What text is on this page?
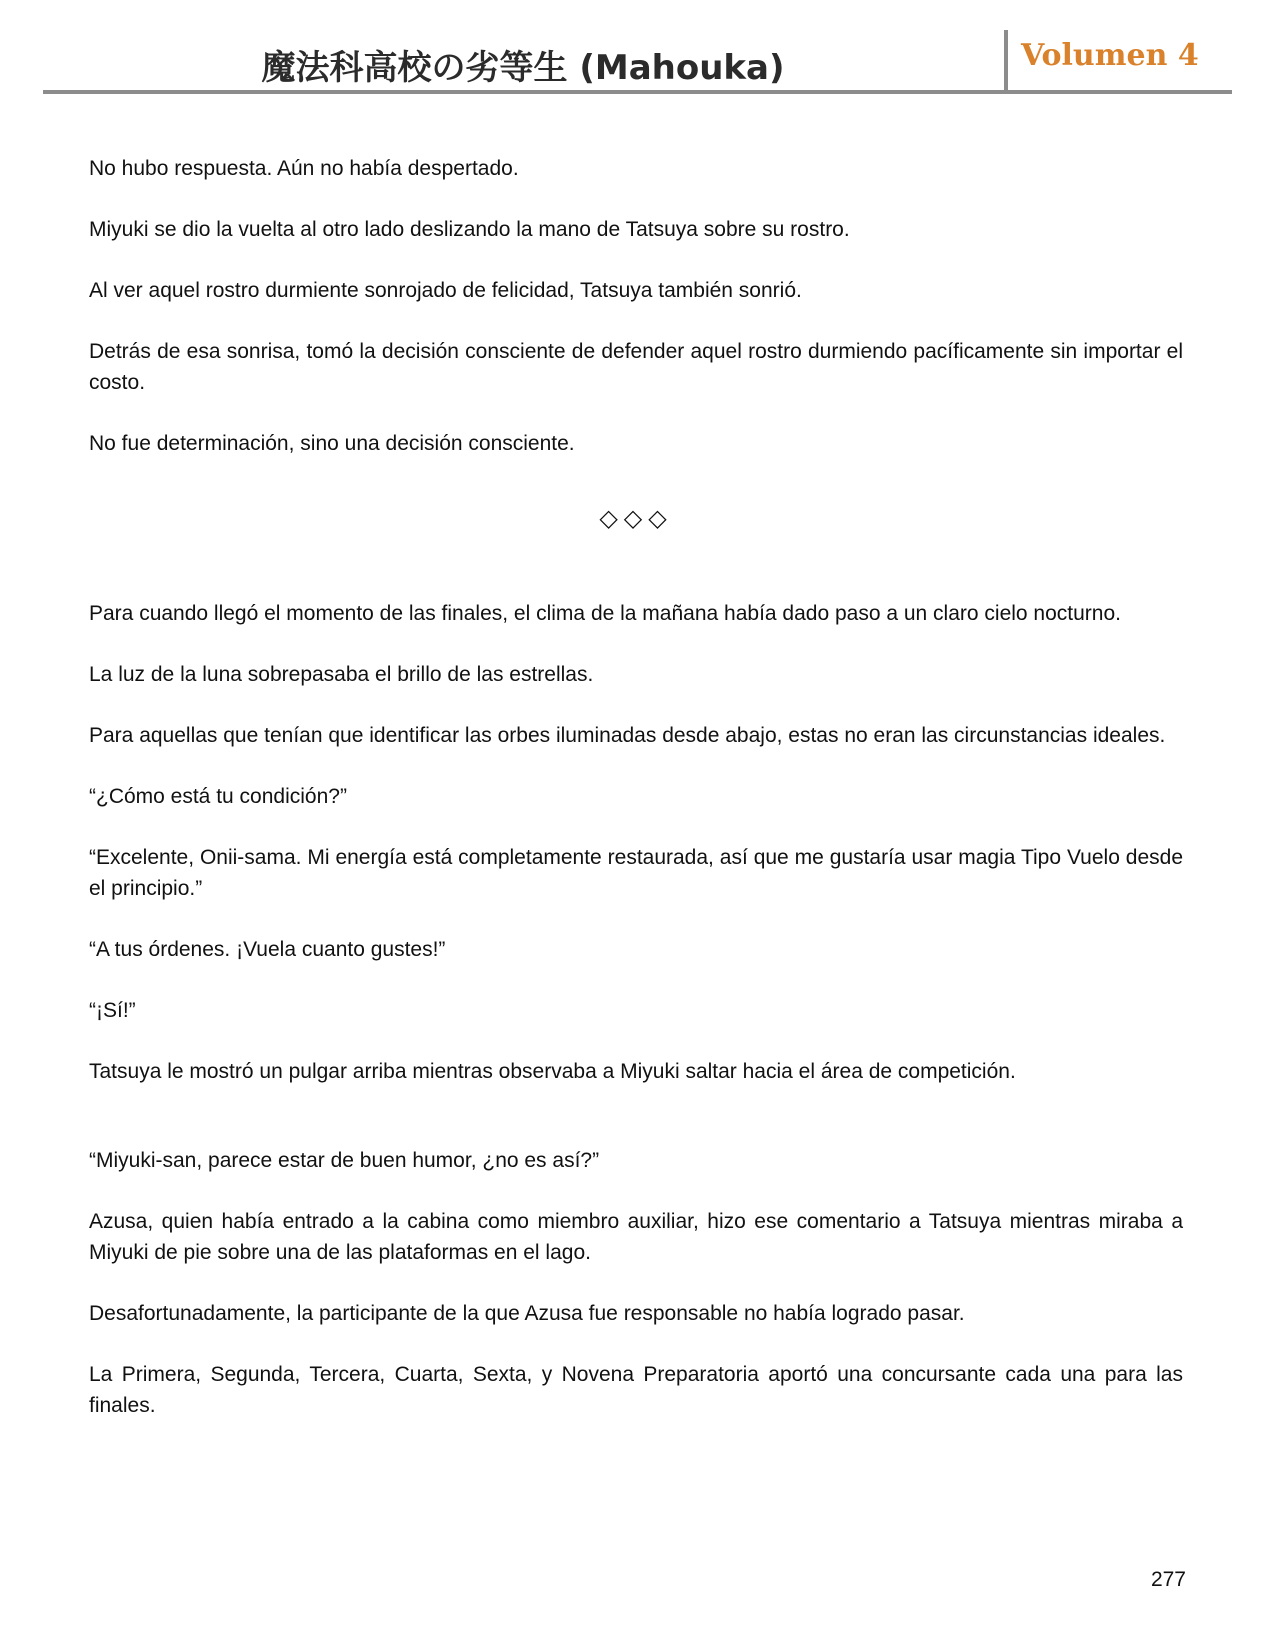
魔法科高校の劣等生 (Mahouka)	Volumen 4

No hubo respuesta. Aún no había despertado.

Miyuki se dio la vuelta al otro lado deslizando la mano de Tatsuya sobre su rostro.

Al ver aquel rostro durmiente sonrojado de felicidad, Tatsuya también sonrió.

Detrás de esa sonrisa, tomó la decisión consciente de defender aquel rostro durmiendo pacíficamente sin importar el costo.

No fue determinación, sino una decisión consciente.

◇◇◇

Para cuando llegó el momento de las finales, el clima de la mañana había dado paso a un claro cielo nocturno.

La luz de la luna sobrepasaba el brillo de las estrellas.

Para aquellas que tenían que identificar las orbes iluminadas desde abajo, estas no eran las circunstancias ideales.

“¿Cómo está tu condición?”

“Excelente, Onii-sama. Mi energía está completamente restaurada, así que me gustaría usar magia Tipo Vuelo desde el principio.”

“A tus órdenes. ¡Vuela cuanto gustes!”

“¡Sí!”

Tatsuya le mostró un pulgar arriba mientras observaba a Miyuki saltar hacia el área de competición.

“Miyuki-san, parece estar de buen humor, ¿no es así?”

Azusa, quien había entrado a la cabina como miembro auxiliar, hizo ese comentario a Tatsuya mientras miraba a Miyuki de pie sobre una de las plataformas en el lago.

Desafortunadamente, la participante de la que Azusa fue responsable no había logrado pasar.

La Primera, Segunda, Tercera, Cuarta, Sexta, y Novena Preparatoria aportó una concursante cada una para las finales.

277
